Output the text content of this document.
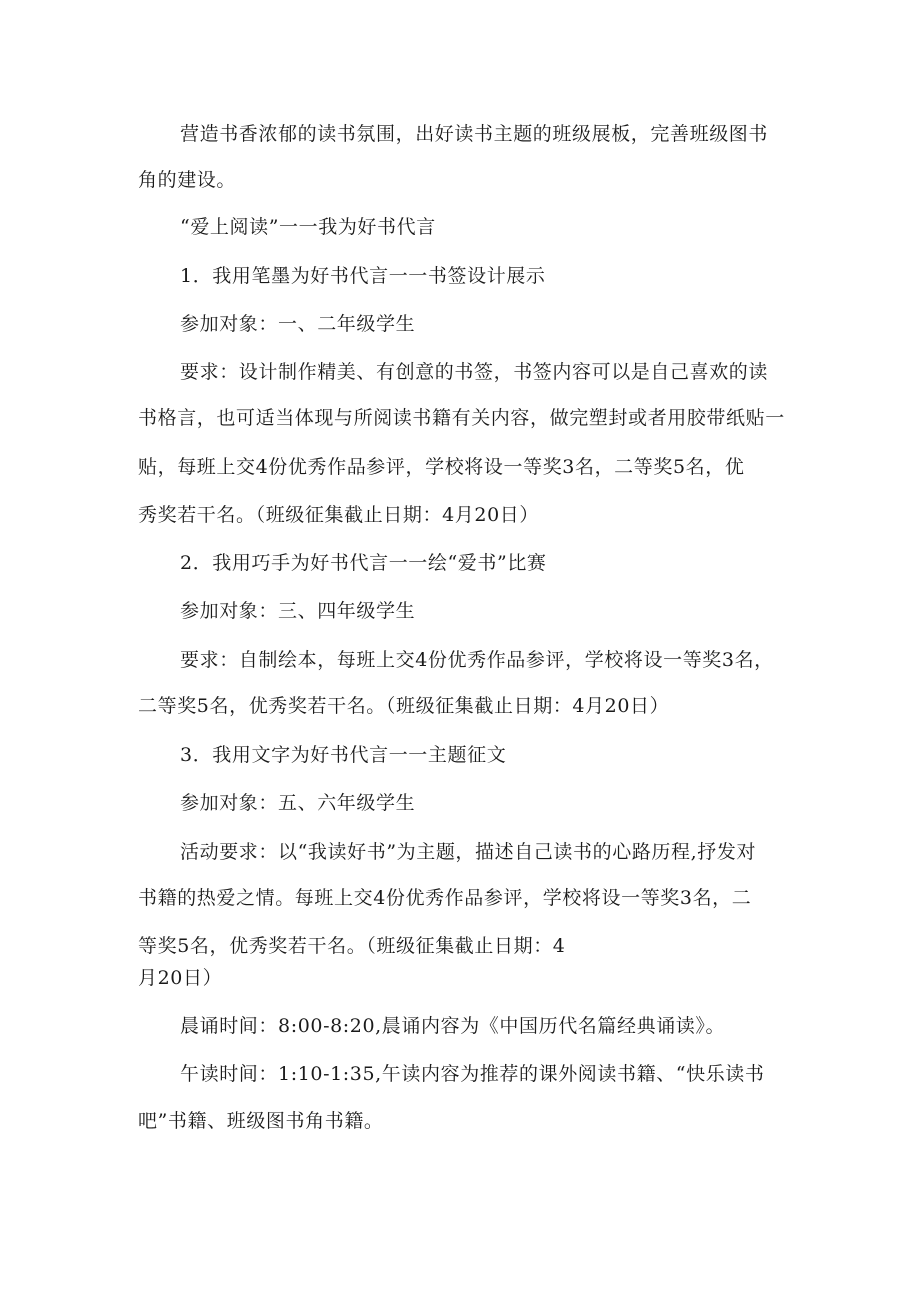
营造书香浓郁的读书氛围，出好读书主题的班级展板，完善班级图书
角的建设。
“爱上阅读”一一我为好书代言
1．我用笔墨为好书代言一一书签设计展示
参加对象：一、二年级学生
要求：设计制作精美、有创意的书签，书签内容可以是自己喜欢的读
书格言，也可适当体现与所阅读书籍有关内容，做完塑封或者用胶带纸贴一
贴，每班上交4份优秀作品参评，学校将设一等奖3名，二等奖5名，优
秀奖若干名。（班级征集截止日期：4月20日）
2．我用巧手为好书代言一一绘“爱书”比赛
参加对象：三、四年级学生
要求：自制绘本，每班上交4份优秀作品参评，学校将设一等奖3名，
二等奖5名，优秀奖若干名。（班级征集截止日期：4月20日）
3．我用文字为好书代言一一主题征文
参加对象：五、六年级学生
活动要求：以“我读好书”为主题，描述自己读书的心路历程,抒发对
书籍的热爱之情。每班上交4份优秀作品参评，学校将设一等奖3名，二
等奖5名，优秀奖若干名。（班级征集截止日期：4
月20日）
晨诵时间：8:00-8:20,晨诵内容为《中国历代名篇经典诵读》。
午读时间：1:10-1:35,午读内容为推荐的课外阅读书籍、“快乐读书
吧”书籍、班级图书角书籍。
